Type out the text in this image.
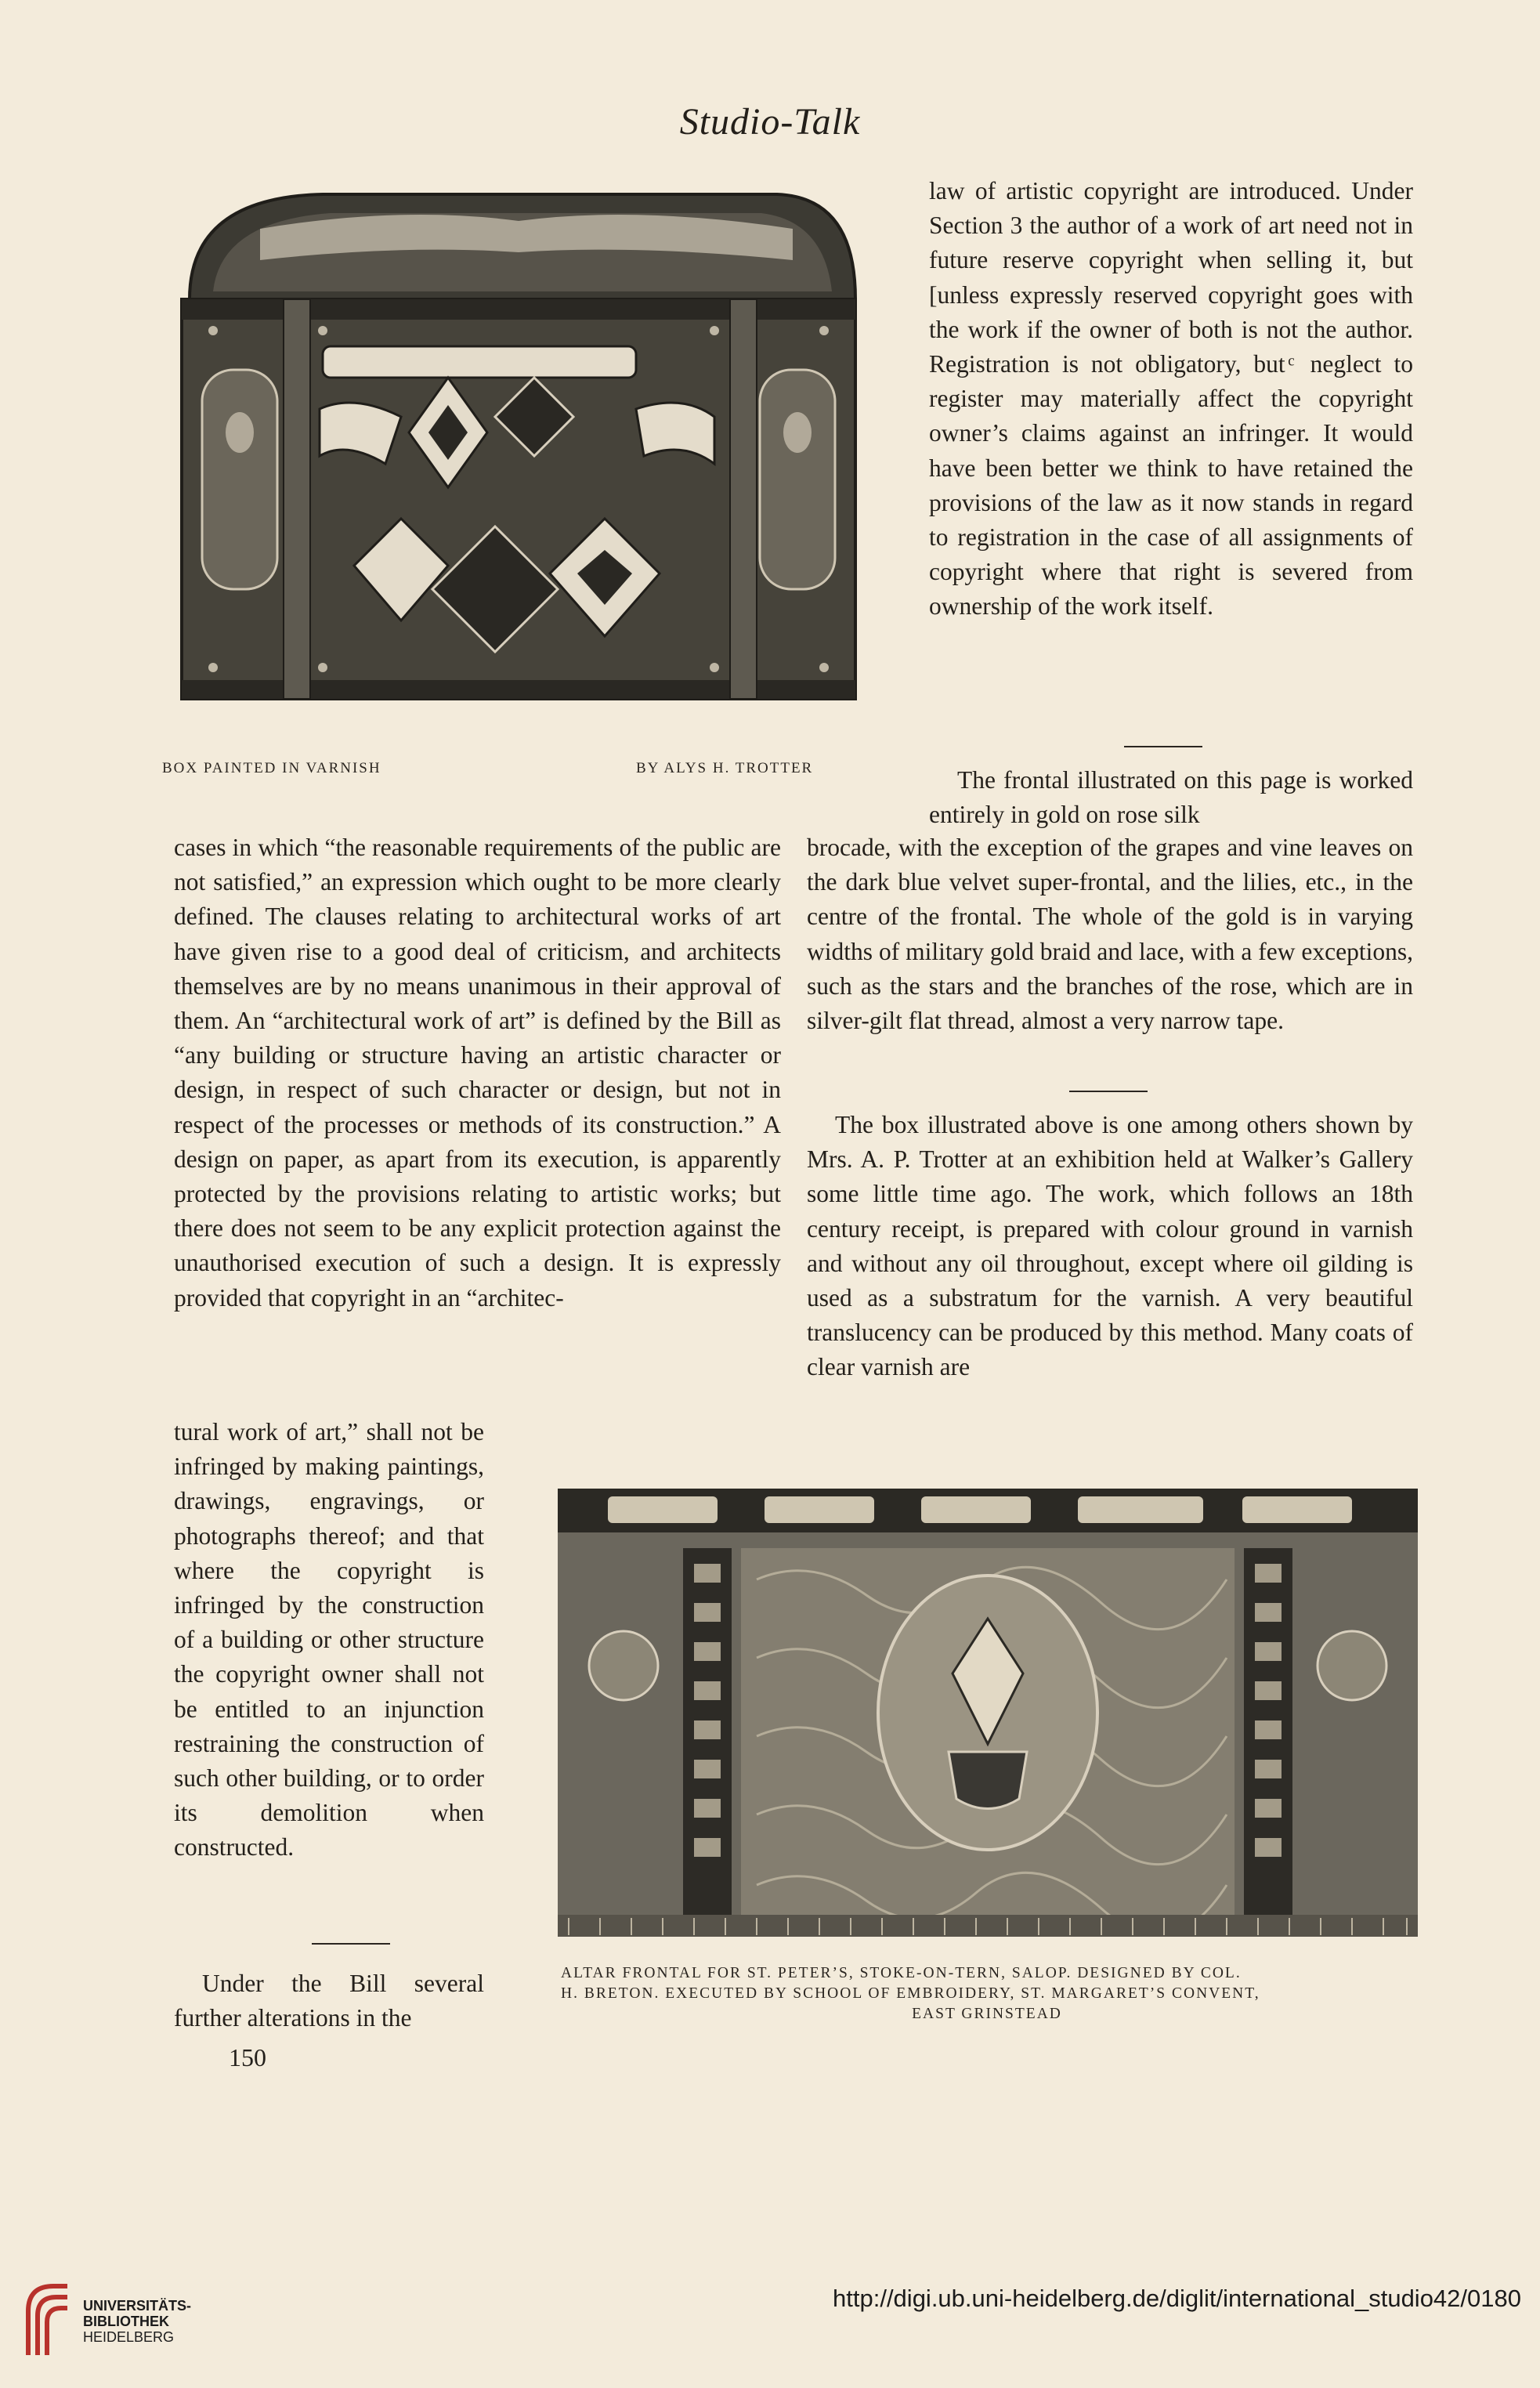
Studio-Talk
BOX PAINTED IN VARNISH	BY ALYS H. TROTTER

law of artistic copyright are introduced. Under Section 3 the author of a work of art need not in future reserve copyright when selling it, but [unless expressly reserved copyright goes with the work if the owner of both is not the author. Registration is not obligatory, but ͨ neglect to register may materially affect the copyright owner’s claims against an infringer. It would have been better we think to have retained the provisions of the law as it now stands in regard to registration in the case of all assignments of copyright where that right is severed from ownership of the work itself.

The frontal illustrated on this page is worked entirely in gold on rose silk

cases in which “the reasonable requirements of the public are not satisfied,” an expression which ought to be more clearly defined. The clauses relating to architectural works of art have given rise to a good deal of criticism, and architects themselves are by no means unanimous in their approval of them. An “architectural work of art” is defined by the Bill as “any building or structure having an artistic character or design, in respect of such character or design, but not in respect of the processes or methods of its construction.” A design on paper, as apart from its execution, is apparently protected by the provisions relating to artistic works; but there does not seem to be any explicit protection against the unauthorised execution of such a design. It is expressly provided that copyright in an “architec-

tural work of art,” shall not be infringed by making paintings, drawings, engravings, or photographs thereof; and that where the copyright is infringed by the construction of a building or other structure the copyright owner shall not be entitled to an injunction restraining the construction of such other building, or to order its demolition when constructed.

Under the Bill several further alterations in the

brocade, with the exception of the grapes and vine leaves on the dark blue velvet super-frontal, and the lilies, etc., in the centre of the frontal. The whole of the gold is in varying widths of military gold braid and lace, with a few exceptions, such as the stars and the branches of the rose, which are in silver-gilt flat thread, almost a very narrow tape.

The box illustrated above is one among others shown by Mrs. A. P. Trotter at an exhibition held at Walker’s Gallery some little time ago. The work, which follows an 18th century receipt, is prepared with colour ground in varnish and without any oil throughout, except where oil gilding is used as a substratum for the varnish. A very beautiful translucency can be produced by this method. Many coats of clear varnish are

ALTAR FRONTAL FOR ST. PETER’S, STOKE-ON-TERN, SALOP. DESIGNED BY COL.
H. BRETON. EXECUTED BY SCHOOL OF EMBROIDERY, ST. MARGARET’S CONVENT,
EAST GRINSTEAD
150
UNIVERSITÄTS-
BIBLIOTHEK
HEIDELBERG
http://digi.ub.uni-heidelberg.de/diglit/international_studio42/0180
